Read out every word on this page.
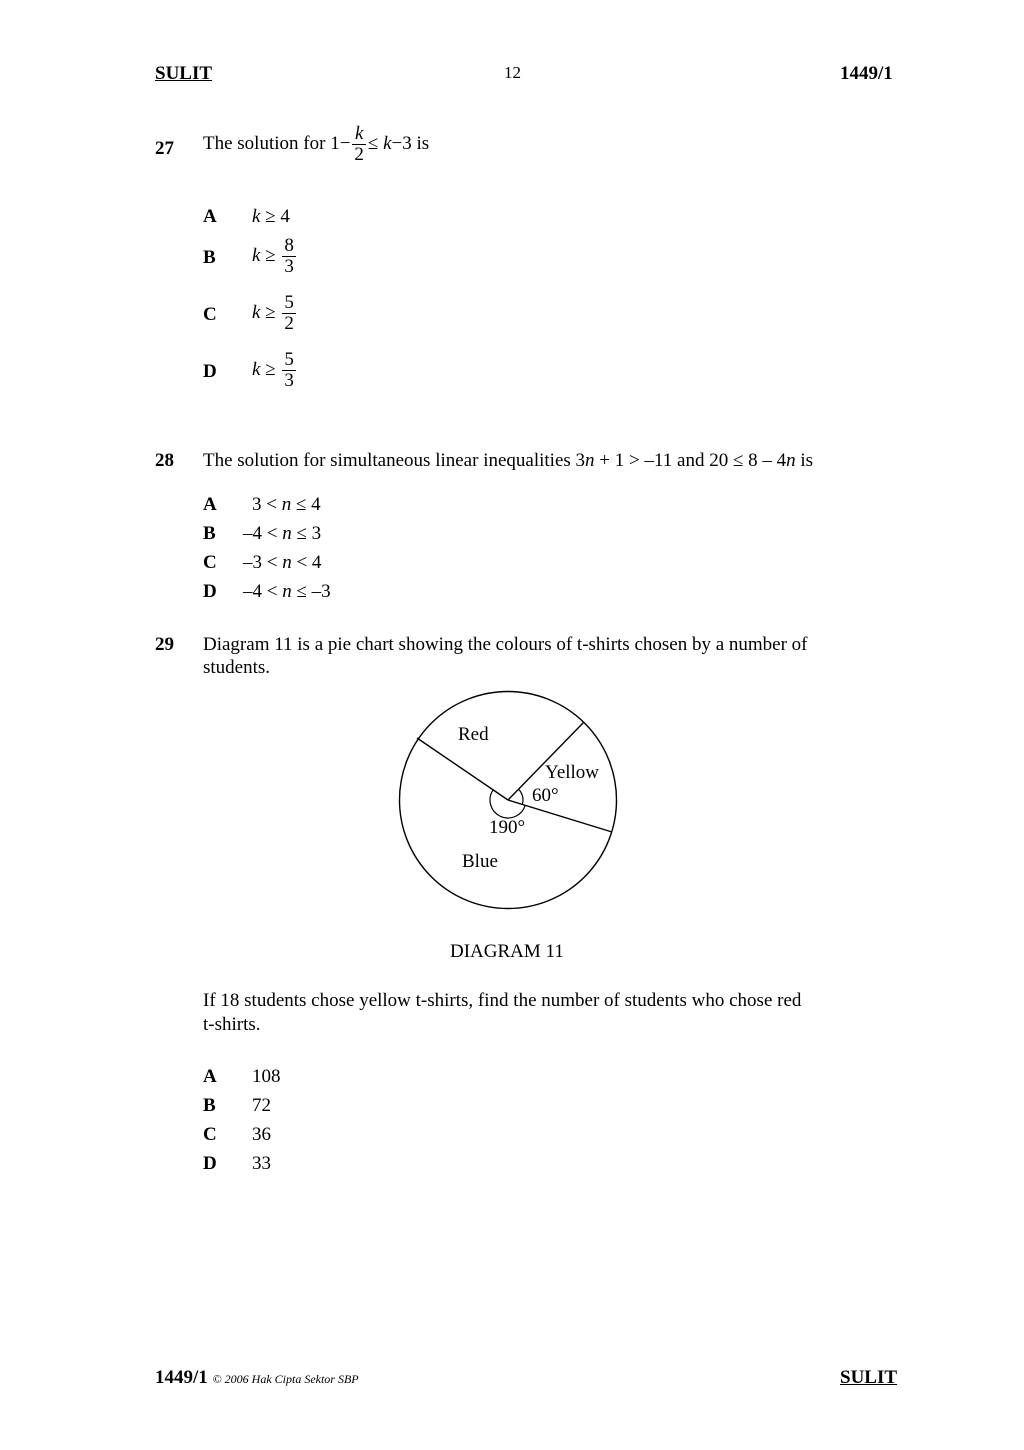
SULIT	12	1449/1
27 The solution for $1- \frac{k}{2} \le k-3$ is
A k ≥ 4
B $k \ge \frac{8}{3}$
C $k \ge \frac{5}{2}$
D $k \ge \frac{5}{3}$
28 The solution for simultaneous linear inequalities 3n + 1 > –11 and 20 ≤ 8 – 4n is
A 3 < n ≤ 4
B –4 < n ≤ 3
C –3 < n < 4
D –4 < n ≤ –3
29 Diagram 11 is a pie chart showing the colours of t-shirts chosen by a number of
students.
Red
Yellow
60°
190°
Blue
DIAGRAM 11
If 18 students chose yellow t-shirts, find the number of students who chose red
t-shirts.
A 108
B 72
C 36
D 33
1449/1 © 2006 Hak Cipta Sektor SBP	SULIT
